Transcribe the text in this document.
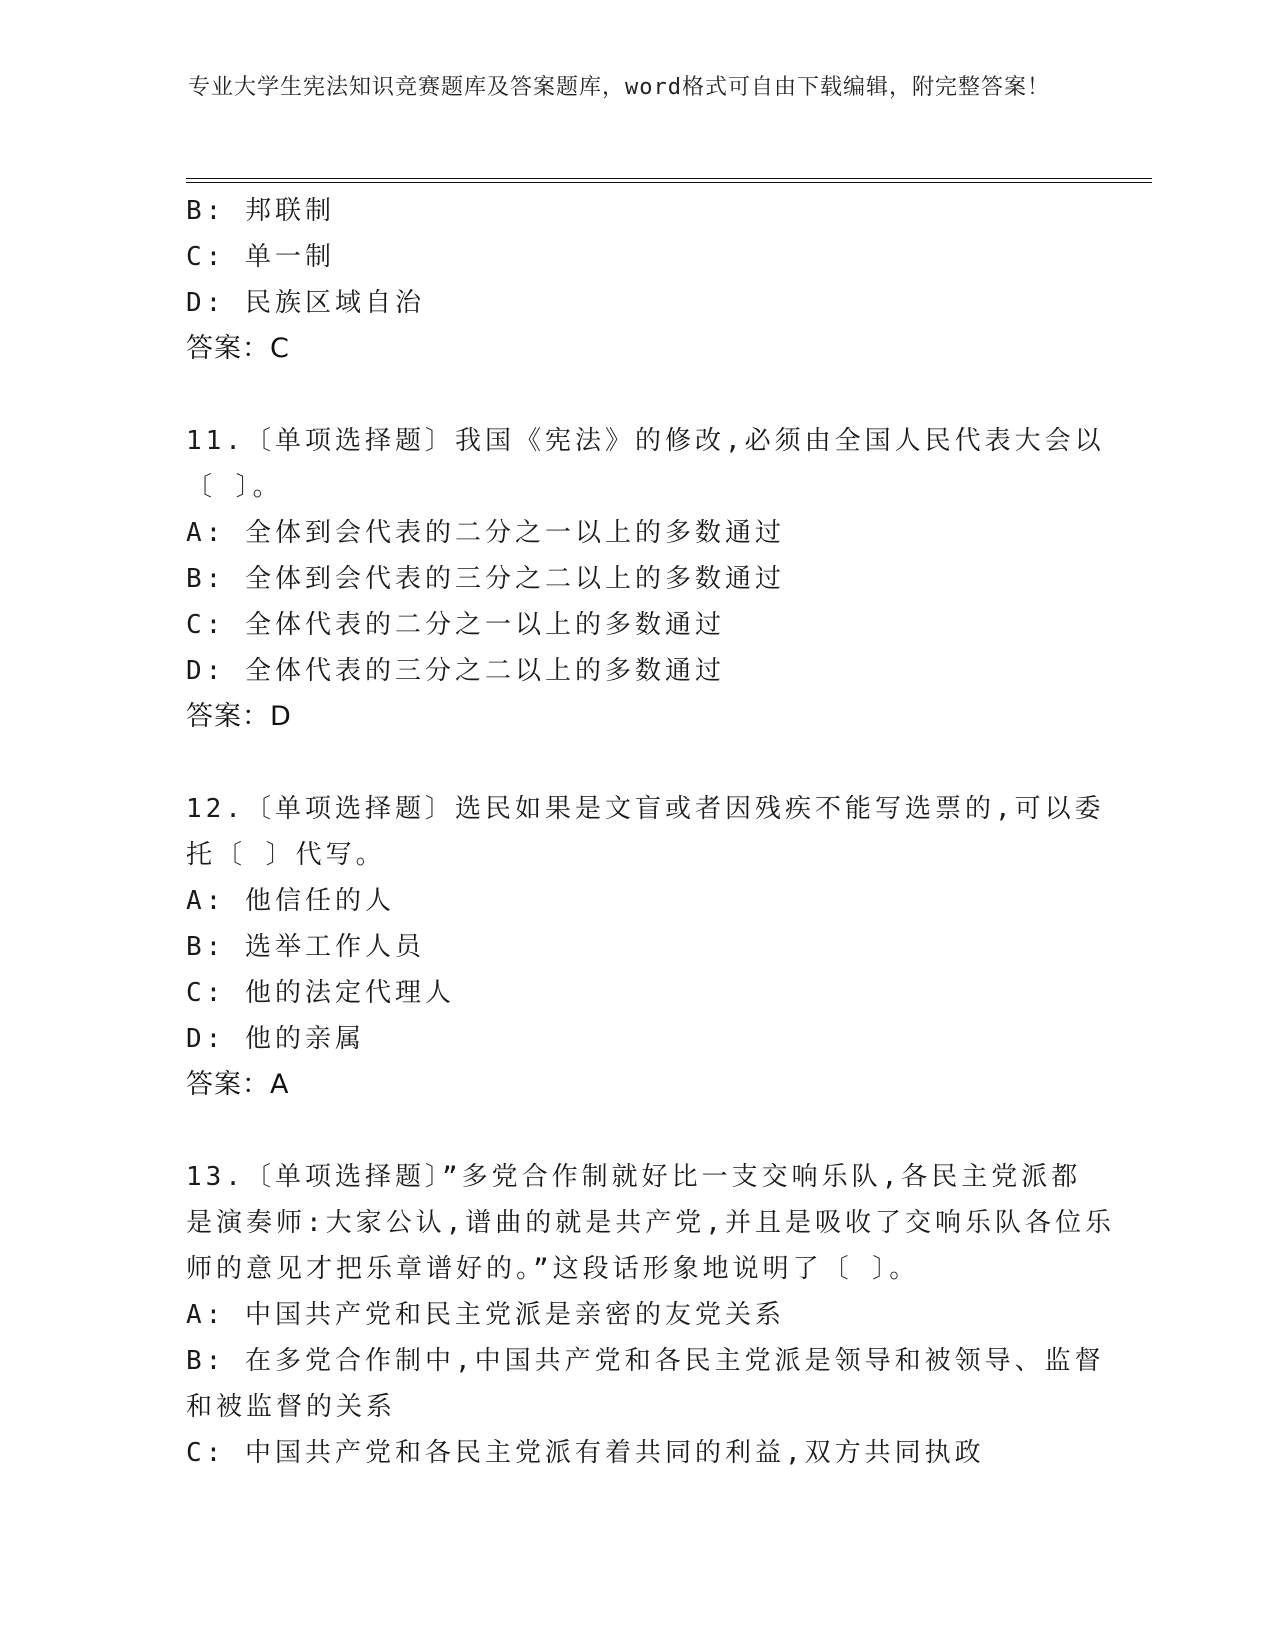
专业大学生宪法知识竞赛题库及答案题库，word格式可自由下载编辑，附完整答案！
B: 邦联制
C: 单一制
D: 民族区域自治
答案：C
11.〔单项选择题〕我国《宪法》的修改,必须由全国人民代表大会以
〔 〕。
A: 全体到会代表的二分之一以上的多数通过
B: 全体到会代表的三分之二以上的多数通过
C: 全体代表的二分之一以上的多数通过
D: 全体代表的三分之二以上的多数通过
答案：D
12.〔单项选择题〕选民如果是文盲或者因残疾不能写选票的,可以委
托〔 〕代写。
A: 他信任的人
B: 选举工作人员
C: 他的法定代理人
D: 他的亲属
答案：A
13.〔单项选择题〕”多党合作制就好比一支交响乐队,各民主党派都
是演奏师:大家公认,谱曲的就是共产党,并且是吸收了交响乐队各位乐
师的意见才把乐章谱好的。”这段话形象地说明了〔 〕。
A: 中国共产党和民主党派是亲密的友党关系
B: 在多党合作制中,中国共产党和各民主党派是领导和被领导、监督
和被监督的关系
C: 中国共产党和各民主党派有着共同的利益,双方共同执政
